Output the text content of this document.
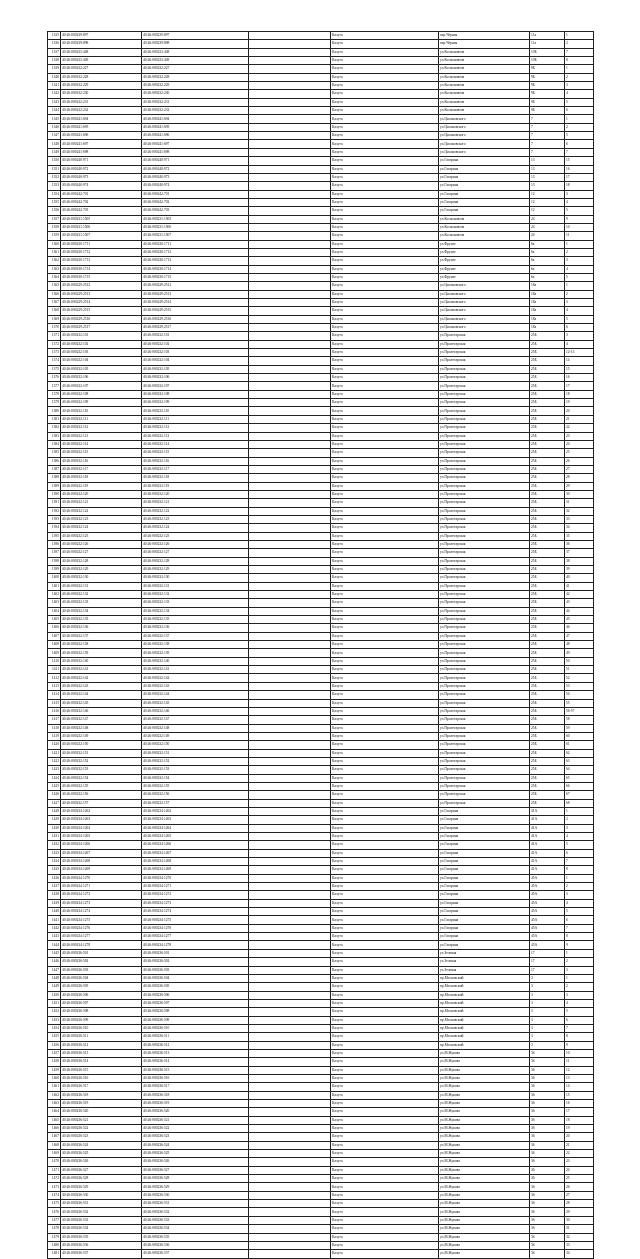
1335	40:26:000239:897	40:26:000239:897		Калуга	пер.Чёрная	11а	1
1336	40:26:000239:898	40:26:000239:898		Калуга	пер.Чёрная	11а	2
1337	40:26:000233:448	40:26:000233:448		Калуга	ул.Космонавтов	10Б	7
1338	40:26:000233:449	40:26:000233:449		Калуга	ул.Космонавтов	10Б	8
1339	40:26:000232:227	40:26:000232:227		Калуга	ул.Космонавтов	9Б	1
1340	40:26:000232:228	40:26:000232:228		Калуга	ул.Космонавтов	9Б	2
1341	40:26:000232:229	40:26:000232:229		Калуга	ул.Космонавтов	9Б	3
1342	40:26:000232:230	40:26:000232:230		Калуга	ул.Космонавтов	9Б	4
1343	40:26:000232:231	40:26:000232:231		Калуга	ул.Космонавтов	9Б	5
1344	40:26:000232:232	40:26:000232:232		Калуга	ул.Космонавтов	9Б	6
1345	40:26:000241:694	40:26:000241:694		Калуга	ул.Циолковского	7	1
1346	40:26:000241:695	40:26:000241:695		Калуга	ул.Циолковского	7	2
1347	40:26:000241:696	40:26:000241:696		Калуга	ул.Циолковского	7	5
1348	40:26:000241:697	40:26:000241:697		Калуга	ул.Циолковского	7	6
1349	40:26:000241:698	40:26:000241:698		Калуга	ул.Циолковского	7	7
1350	40:26:000240:971	40:26:000240:971		Калуга	ул.Гагарина	13	15
1351	40:26:000240:972	40:26:000240:972		Калуга	ул.Гагарина	13	16
1352	40:26:000240:973	40:26:000240:973		Калуга	ул.Гагарина	13	17
1353	40:26:000240:974	40:26:000240:974		Калуга	ул.Гагарина	13	18
1354	40:26:000242:701	40:26:000242:701		Калуга	ул.Гагарина	12	3
1355	40:26:000242:702	40:26:000242:702		Калуга	ул.Гагарина	12	4
1356	40:26:000242:703	40:26:000242:703		Калуга	ул.Гагарина	12	5
1357	40:26:000231:1505	40:26:000231:1505		Калуга	ул.Космонавтов	24	9
1358	40:26:000231:1506	40:26:000231:1506		Калуга	ул.Космонавтов	24	10
1359	40:26:000231:1507	40:26:000231:1507		Калуга	ул.Космонавтов	24	11
1360	40:26:000230:1711	40:26:000230:1711		Калуга	ул.Фрунзе	6а	1
1361	40:26:000230:1712	40:26:000230:1712		Калуга	ул.Фрунзе	6а	2
1362	40:26:000230:1713	40:26:000230:1713		Калуга	ул.Фрунзе	6а	3
1363	40:26:000230:1714	40:26:000230:1714		Калуга	ул.Фрунзе	6а	4
1364	40:26:000230:1715	40:26:000230:1715		Калуга	ул.Фрунзе	6а	5
1365	40:26:000229:2512	40:26:000229:2512		Калуга	ул.Циолковского	18а	1
1366	40:26:000229:2513	40:26:000229:2513		Калуга	ул.Циолковского	18а	2
1367	40:26:000229:2514	40:26:000229:2514		Калуга	ул.Циолковского	18а	3
1368	40:26:000229:2515	40:26:000229:2515		Калуга	ул.Циолковского	18а	4
1369	40:26:000229:2516	40:26:000229:2516		Калуга	ул.Циолковского	18а	5
1370	40:26:000229:2517	40:26:000229:2517		Калуга	ул.Циолковского	18а	6
1371	40:26:000232:101	40:26:000232:101		Калуга	ул.Пролетарская	25Б	3
1372	40:26:000232:102	40:26:000232:102		Калуга	ул.Пролетарская	25Б	4
1373	40:26:000232:103	40:26:000232:103		Калуга	ул.Пролетарская	25Б	12-13
1374	40:26:000232:104	40:26:000232:104		Калуга	ул.Пролетарская	25Б	14
1375	40:26:000232:105	40:26:000232:105		Калуга	ул.Пролетарская	25Б	15
1376	40:26:000232:106	40:26:000232:106		Калуга	ул.Пролетарская	25Б	16
1377	40:26:000232:107	40:26:000232:107		Калуга	ул.Пролетарская	25Б	17
1378	40:26:000232:108	40:26:000232:108		Калуга	ул.Пролетарская	25Б	18
1379	40:26:000232:109	40:26:000232:109		Калуга	ул.Пролетарская	25Б	19
1380	40:26:000232:110	40:26:000232:110		Калуга	ул.Пролетарская	25Б	20
1381	40:26:000232:111	40:26:000232:111		Калуга	ул.Пролетарская	25Б	21
1382	40:26:000232:112	40:26:000232:112		Калуга	ул.Пролетарская	25Б	22
1383	40:26:000232:113	40:26:000232:113		Калуга	ул.Пролетарская	25Б	23
1384	40:26:000232:114	40:26:000232:114		Калуга	ул.Пролетарская	25Б	24
1385	40:26:000232:115	40:26:000232:115		Калуга	ул.Пролетарская	25Б	25
1386	40:26:000232:116	40:26:000232:116		Калуга	ул.Пролетарская	25Б	26
1387	40:26:000232:117	40:26:000232:117		Калуга	ул.Пролетарская	25Б	27
1388	40:26:000232:118	40:26:000232:118		Калуга	ул.Пролетарская	25Б	28
1389	40:26:000232:119	40:26:000232:119		Калуга	ул.Пролетарская	25Б	29
1390	40:26:000232:120	40:26:000232:120		Калуга	ул.Пролетарская	25Б	30
1391	40:26:000232:121	40:26:000232:121		Калуга	ул.Пролетарская	25Б	31
1392	40:26:000232:122	40:26:000232:122		Калуга	ул.Пролетарская	25Б	32
1393	40:26:000232:123	40:26:000232:123		Калуга	ул.Пролетарская	25Б	33
1394	40:26:000232:124	40:26:000232:124		Калуга	ул.Пролетарская	25Б	34
1395	40:26:000232:125	40:26:000232:125		Калуга	ул.Пролетарская	25Б	35
1396	40:26:000232:126	40:26:000232:126		Калуга	ул.Пролетарская	25Б	36
1397	40:26:000232:127	40:26:000232:127		Калуга	ул.Пролетарская	25Б	37
1398	40:26:000232:128	40:26:000232:128		Калуга	ул.Пролетарская	25Б	38
1399	40:26:000232:129	40:26:000232:129		Калуга	ул.Пролетарская	25Б	39
1400	40:26:000232:130	40:26:000232:130		Калуга	ул.Пролетарская	25Б	40
1401	40:26:000232:131	40:26:000232:131		Калуга	ул.Пролетарская	25Б	41
1402	40:26:000232:132	40:26:000232:132		Калуга	ул.Пролетарская	25Б	42
1403	40:26:000232:133	40:26:000232:133		Калуга	ул.Пролетарская	25Б	43
1404	40:26:000232:134	40:26:000232:134		Калуга	ул.Пролетарская	25Б	44
1405	40:26:000232:135	40:26:000232:135		Калуга	ул.Пролетарская	25Б	45
1406	40:26:000232:136	40:26:000232:136		Калуга	ул.Пролетарская	25Б	46
1407	40:26:000232:137	40:26:000232:137		Калуга	ул.Пролетарская	25Б	47
1408	40:26:000232:138	40:26:000232:138		Калуга	ул.Пролетарская	25Б	48
1409	40:26:000232:139	40:26:000232:139		Калуга	ул.Пролетарская	25Б	49
1410	40:26:000232:140	40:26:000232:140		Калуга	ул.Пролетарская	25Б	50
1411	40:26:000232:141	40:26:000232:141		Калуга	ул.Пролетарская	25Б	51
1412	40:26:000232:142	40:26:000232:142		Калуга	ул.Пролетарская	25Б	52
1413	40:26:000232:143	40:26:000232:143		Калуга	ул.Пролетарская	25Б	53
1414	40:26:000232:144	40:26:000232:144		Калуга	ул.Пролетарская	25Б	54
1415	40:26:000232:145	40:26:000232:145		Калуга	ул.Пролетарская	25Б	55
1416	40:26:000232:146	40:26:000232:146		Калуга	ул.Пролетарская	25Б	56-57
1417	40:26:000232:147	40:26:000232:147		Калуга	ул.Пролетарская	25Б	58
1418	40:26:000232:148	40:26:000232:148		Калуга	ул.Пролетарская	25Б	59
1419	40:26:000232:149	40:26:000232:149		Калуга	ул.Пролетарская	25Б	60
1420	40:26:000232:150	40:26:000232:150		Калуга	ул.Пролетарская	25Б	61
1421	40:26:000232:151	40:26:000232:151		Калуга	ул.Пролетарская	25Б	62
1422	40:26:000232:152	40:26:000232:152		Калуга	ул.Пролетарская	25Б	63
1423	40:26:000232:153	40:26:000232:153		Калуга	ул.Пролетарская	25Б	64
1424	40:26:000232:154	40:26:000232:154		Калуга	ул.Пролетарская	25Б	65
1425	40:26:000232:155	40:26:000232:155		Калуга	ул.Пролетарская	25Б	66
1426	40:26:000232:156	40:26:000232:156		Калуга	ул.Пролетарская	25Б	67
1427	40:26:000232:157	40:26:000232:157		Калуга	ул.Пролетарская	25Б	68
1428	40:26:000234:1262	40:26:000234:1262		Калуга	ул.Гагарина	41А	1
1429	40:26:000234:1263	40:26:000234:1263		Калуга	ул.Гагарина	41А	2
1430	40:26:000234:1264	40:26:000234:1264		Калуга	ул.Гагарина	41А	3
1431	40:26:000234:1265	40:26:000234:1265		Калуга	ул.Гагарина	41А	4
1432	40:26:000234:1266	40:26:000234:1266		Калуга	ул.Гагарина	41А	5
1433	40:26:000234:1267	40:26:000234:1267		Калуга	ул.Гагарина	41А	6
1434	40:26:000234:1268	40:26:000234:1268		Калуга	ул.Гагарина	41А	7
1435	40:26:000234:1269	40:26:000234:1269		Калуга	ул.Гагарина	41А	8
1436	40:26:000234:1270	40:26:000234:1270		Калуга	ул.Гагарина	45А	1
1437	40:26:000234:1271	40:26:000234:1271		Калуга	ул.Гагарина	45А	2
1438	40:26:000234:1272	40:26:000234:1272		Калуга	ул.Гагарина	45А	3
1439	40:26:000234:1273	40:26:000234:1273		Калуга	ул.Гагарина	45А	4
1440	40:26:000234:1274	40:26:000234:1274		Калуга	ул.Гагарина	45А	5
1441	40:26:000234:1275	40:26:000234:1275		Калуга	ул.Гагарина	45А	6
1442	40:26:000234:1276	40:26:000234:1276		Калуга	ул.Гагарина	45А	7
1443	40:26:000234:1277	40:26:000234:1277		Калуга	ул.Гагарина	45А	8
1444	40:26:000234:1278	40:26:000234:1278		Калуга	ул.Гагарина	45А	9
1445	40:26:000236:501	40:26:000236:501		Калуга	ул.Зеленая	17	1
1446	40:26:000236:502	40:26:000236:502		Калуга	ул.Зеленая	17	2
1447	40:26:000236:503	40:26:000236:503		Калуга	ул.Зеленая	17	3
1448	40:26:000236:504	40:26:000236:504		Калуга	пр.Московский	3	1
1449	40:26:000236:505	40:26:000236:505		Калуга	пр.Московский	3	2
1450	40:26:000236:506	40:26:000236:506		Калуга	пр.Московский	3	3
1451	40:26:000236:507	40:26:000236:507		Калуга	пр.Московский	3	4
1452	40:26:000236:508	40:26:000236:508		Калуга	пр.Московский	3	5
1453	40:26:000236:509	40:26:000236:509		Калуга	пр.Московский	3	6
1454	40:26:000236:510	40:26:000236:510		Калуга	пр.Московский	3	7
1455	40:26:000236:511	40:26:000236:511		Калуга	пр.Московский	3	8
1456	40:26:000236:512	40:26:000236:512		Калуга	пр.Московский	3	9
1457	40:26:000236:513	40:26:000236:513		Калуга	ул.М.Жукова	36	10
1458	40:26:000236:514	40:26:000236:514		Калуга	ул.М.Жукова	36	11
1459	40:26:000236:515	40:26:000236:515		Калуга	ул.М.Жукова	36	12
1460	40:26:000236:516	40:26:000236:516		Калуга	ул.М.Жукова	36	13
1461	40:26:000236:517	40:26:000236:517		Калуга	ул.М.Жукова	36	14
1462	40:26:000236:518	40:26:000236:518		Калуга	ул.М.Жукова	36	15
1463	40:26:000236:519	40:26:000236:519		Калуга	ул.М.Жукова	36	16
1464	40:26:000236:520	40:26:000236:520		Калуга	ул.М.Жукова	36	17
1465	40:26:000236:521	40:26:000236:521		Калуга	ул.М.Жукова	36	18
1466	40:26:000236:522	40:26:000236:522		Калуга	ул.М.Жукова	36	19
1467	40:26:000236:523	40:26:000236:523		Калуга	ул.М.Жукова	36	20
1468	40:26:000236:524	40:26:000236:524		Калуга	ул.М.Жукова	36	21
1469	40:26:000236:525	40:26:000236:525		Калуга	ул.М.Жукова	36	22
1470	40:26:000236:526	40:26:000236:526		Калуга	ул.М.Жукова	36	23
1471	40:26:000236:527	40:26:000236:527		Калуга	ул.М.Жукова	36	24
1472	40:26:000236:528	40:26:000236:528		Калуга	ул.М.Жукова	36	25
1473	40:26:000236:529	40:26:000236:529		Калуга	ул.М.Жукова	36	26
1474	40:26:000236:530	40:26:000236:530		Калуга	ул.М.Жукова	36	27
1475	40:26:000236:531	40:26:000236:531		Калуга	ул.М.Жукова	36	28
1476	40:26:000236:532	40:26:000236:532		Калуга	ул.М.Жукова	36	29
1477	40:26:000236:533	40:26:000236:533		Калуга	ул.М.Жукова	36	30
1478	40:26:000236:534	40:26:000236:534		Калуга	ул.М.Жукова	36	31
1479	40:26:000236:535	40:26:000236:535		Калуга	ул.М.Жукова	36	32
1480	40:26:000236:536	40:26:000236:536		Калуга	ул.М.Жукова	36	33
1481	40:26:000236:537	40:26:000236:537		Калуга	ул.М.Жукова	36	34
